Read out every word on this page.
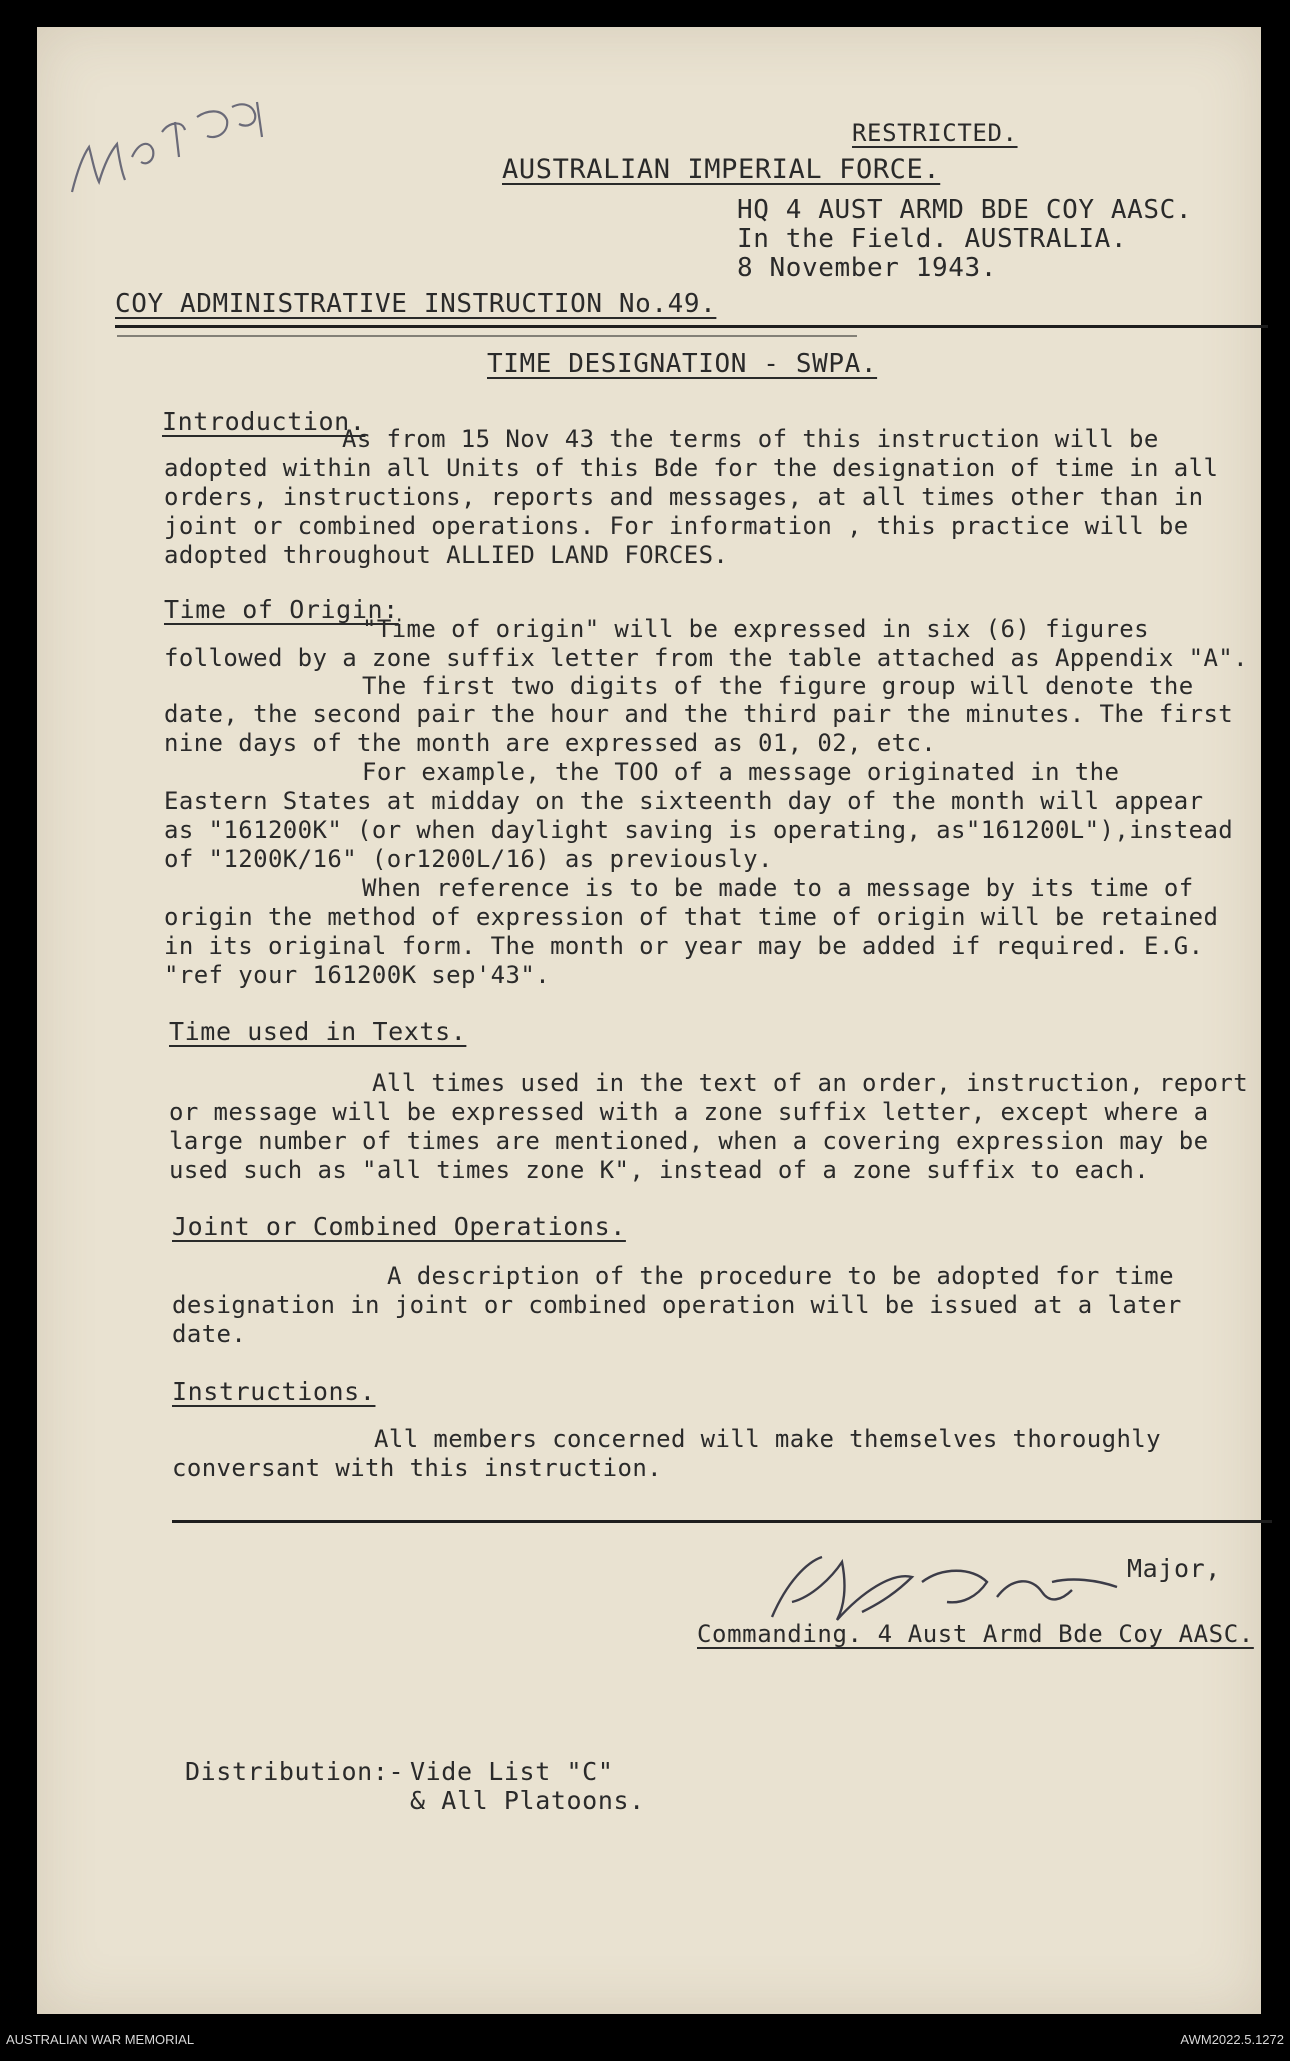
RESTRICTED.
AUSTRALIAN IMPERIAL FORCE.
HQ 4 AUST ARMD BDE COY AASC.
In the Field. AUSTRALIA.
8 November 1943.
COY ADMINISTRATIVE INSTRUCTION No.49.
TIME DESIGNATION - SWPA.
Introduction.
As from 15 Nov 43 the terms of this instruction will be
adopted within all Units of this Bde for the designation of time in all
orders, instructions, reports and messages, at all times other than in
joint or combined operations. For information , this practice will be
adopted throughout ALLIED LAND FORCES.
Time of Origin:
"Time of origin" will be expressed in six (6) figures
followed by a zone suffix letter from the table attached as Appendix "A".
The first two digits of the figure group will denote the
date, the second pair the hour and the third pair the minutes. The first
nine days of the month are expressed as 01, 02, etc.
For example, the TOO of a message originated in the
Eastern States at midday on the sixteenth day of the month will appear
as "161200K" (or when daylight saving is operating, as"161200L"),instead
of "1200K/16" (or1200L/16) as previously.
When reference is to be made to a message by its time of
origin the method of expression of that time of origin will be retained
in its original form. The month or year may be added if required. E.G.
"ref your 161200K sep'43".
Time used in Texts.
All times used in the text of an order, instruction, report
or message will be expressed with a zone suffix letter, except where a
large number of times are mentioned, when a covering expression may be
used such as "all times zone K", instead of a zone suffix to each.
Joint or Combined Operations.
A description of the procedure to be adopted for time
designation in joint or combined operation will be issued at a later
date.
Instructions.
All members concerned will make themselves thoroughly
conversant with this instruction.
Major,
Commanding. 4 Aust Armd Bde Coy AASC.
Distribution:- Vide List "C"
& All Platoons.
AUSTRALIAN WAR MEMORIAL	AWM2022.5.1272
